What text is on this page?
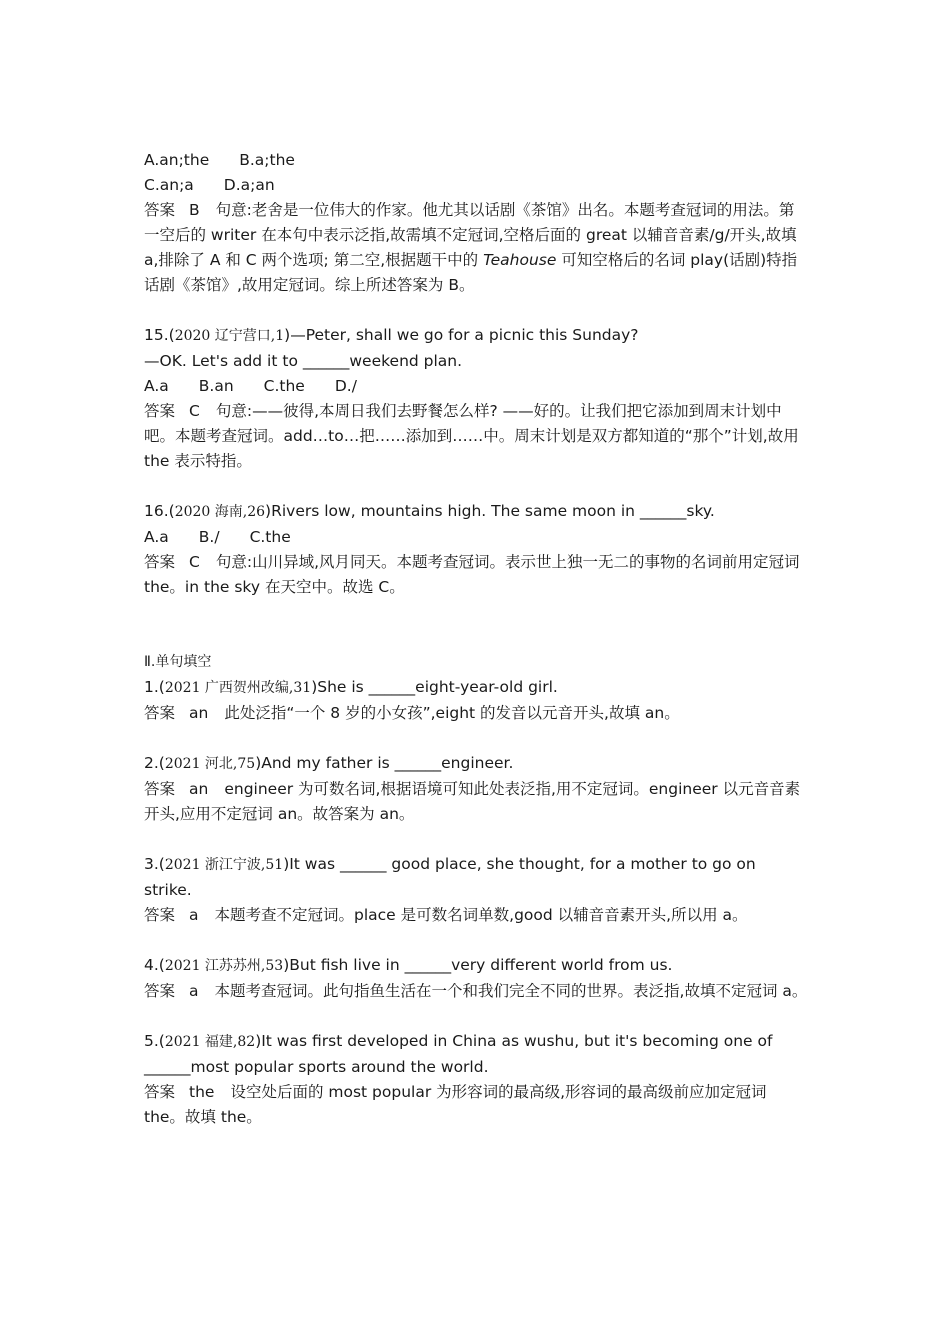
A.an;the B.a;the
C.an;a D.a;an
答案 B 句意:老舍是一位伟大的作家。他尤其以话剧《茶馆》出名。本题考查冠词的用法。第一空后的 writer 在本句中表示泛指,故需填不定冠词,空格后面的 great 以辅音音素/g/开头,故填 a,排除了 A 和 C 两个选项; 第二空,根据题干中的 Teahouse 可知空格后的名词 play(话剧)特指话剧《茶馆》,故用定冠词。综上所述答案为 B。
15.(2020 辽宁营口,1)—Peter, shall we go for a picnic this Sunday?
—OK. Let's add it to ______weekend plan.
A.a B.an C.the D./
答案 C 句意:——彼得,本周日我们去野餐怎么样? ——好的。让我们把它添加到周末计划中吧。本题考查冠词。add…to…把……添加到……中。周末计划是双方都知道的“那个”计划,故用 the 表示特指。
16.(2020 海南,26)Rivers low, mountains high. The same moon in ______sky.
A.a B./ C.the
答案 C 句意:山川异域,风月同天。本题考查冠词。表示世上独一无二的事物的名词前用定冠词 the。in the sky 在天空中。故选 C。
Ⅱ.单句填空
1.(2021 广西贺州改编,31)She is ______eight-year-old girl.
答案 an 此处泛指“一个 8 岁的小女孩”,eight 的发音以元音开头,故填 an。
2.(2021 河北,75)And my father is ______engineer.
答案 an engineer 为可数名词,根据语境可知此处表泛指,用不定冠词。engineer 以元音音素开头,应用不定冠词 an。故答案为 an。
3.(2021 浙江宁波,51)It was ______ good place, she thought, for a mother to go on strike.
答案 a 本题考查不定冠词。place 是可数名词单数,good 以辅音音素开头,所以用 a。
4.(2021 江苏苏州,53)But fish live in ______very different world from us.
答案 a 本题考查冠词。此句指鱼生活在一个和我们完全不同的世界。表泛指,故填不定冠词 a。
5.(2021 福建,82)It was first developed in China as wushu, but it's becoming one of ______most popular sports around the world.
答案 the 设空处后面的 most popular 为形容词的最高级,形容词的最高级前应加定冠词 the。故填 the。
